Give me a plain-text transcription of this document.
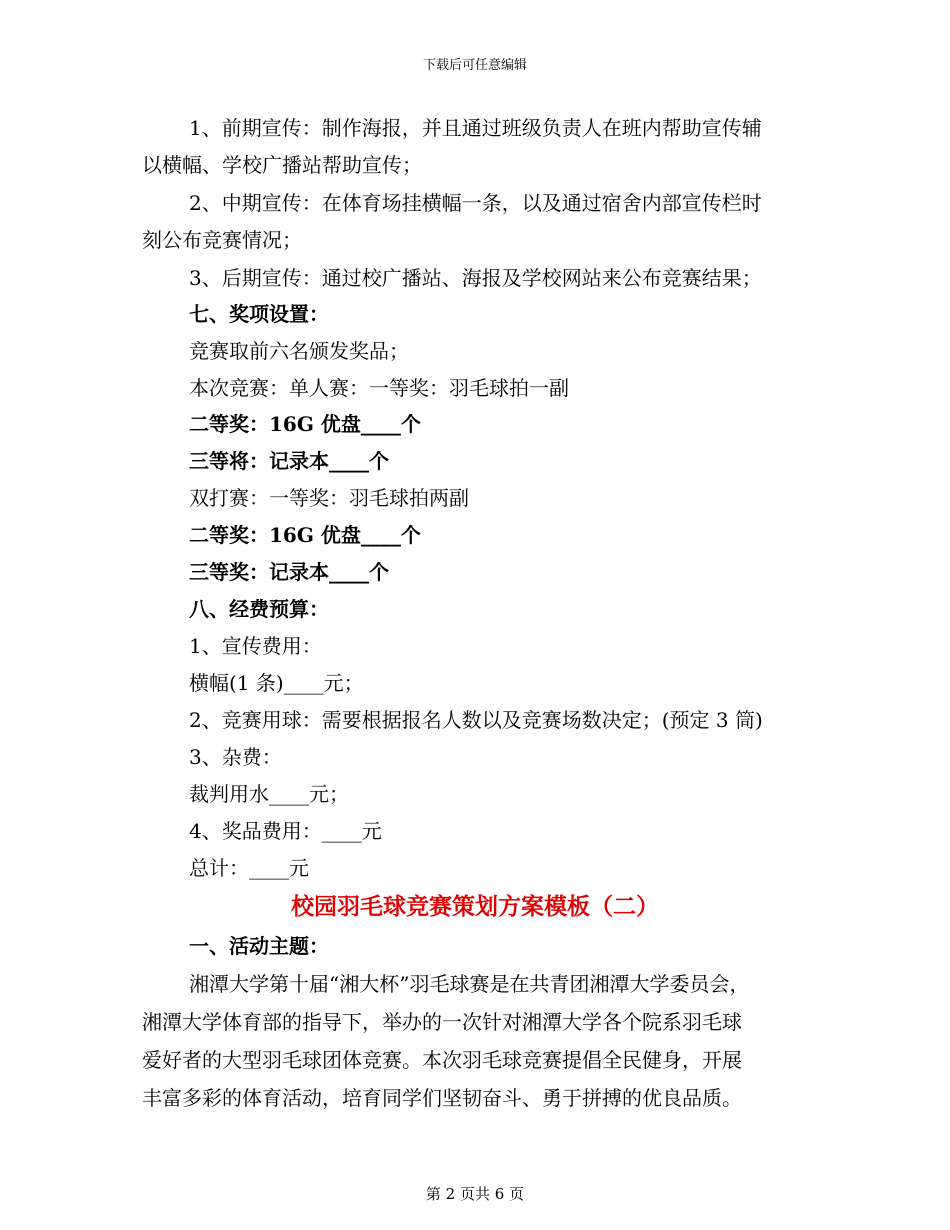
下载后可任意编辑
1、前期宣传：制作海报，并且通过班级负责人在班内帮助宣传辅
以横幅、学校广播站帮助宣传；
2、中期宣传：在体育场挂横幅一条，以及通过宿舍内部宣传栏时
刻公布竞赛情况；
3、后期宣传：通过校广播站、海报及学校网站来公布竞赛结果；
七、奖项设置：
竞赛取前六名颁发奖品；
本次竞赛：单人赛：一等奖：羽毛球拍一副
二等奖：16G 优盘____个
三等将：记录本____个
双打赛：一等奖：羽毛球拍两副
二等奖：16G 优盘____个
三等奖：记录本____个
八、经费预算：
1、宣传费用：
横幅(1 条)____元；
2、竞赛用球：需要根据报名人数以及竞赛场数决定；(预定 3 筒)
3、杂费：
裁判用水____元；
4、奖品费用：____元
总计：____元
校园羽毛球竞赛策划方案模板（二）
一、活动主题：
湘潭大学第十届“湘大杯”羽毛球赛是在共青团湘潭大学委员会，
湘潭大学体育部的指导下，举办的一次针对湘潭大学各个院系羽毛球
爱好者的大型羽毛球团体竞赛。本次羽毛球竞赛提倡全民健身，开展
丰富多彩的体育活动，培育同学们坚韧奋斗、勇于拼搏的优良品质。
第 2 页共 6 页
